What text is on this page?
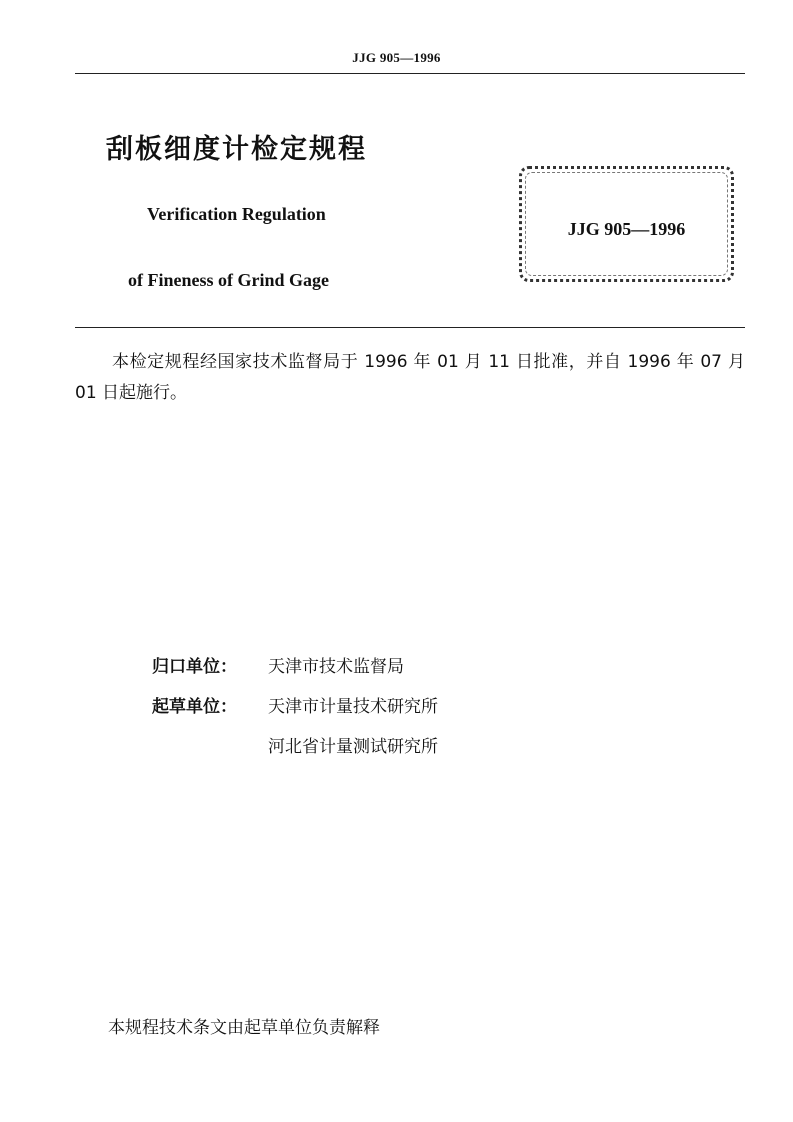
JJG 905—1996
刮板细度计检定规程
Verification Regulation
of Fineness of Grind Gage
JJG 905—1996
本检定规程经国家技术监督局于 1996 年 01 月 11 日批准，并自 1996 年 07 月 01 日起施行。
归口单位： 天津市技术监督局
起草单位： 天津市计量技术研究所
河北省计量测试研究所
本规程技术条文由起草单位负责解释
